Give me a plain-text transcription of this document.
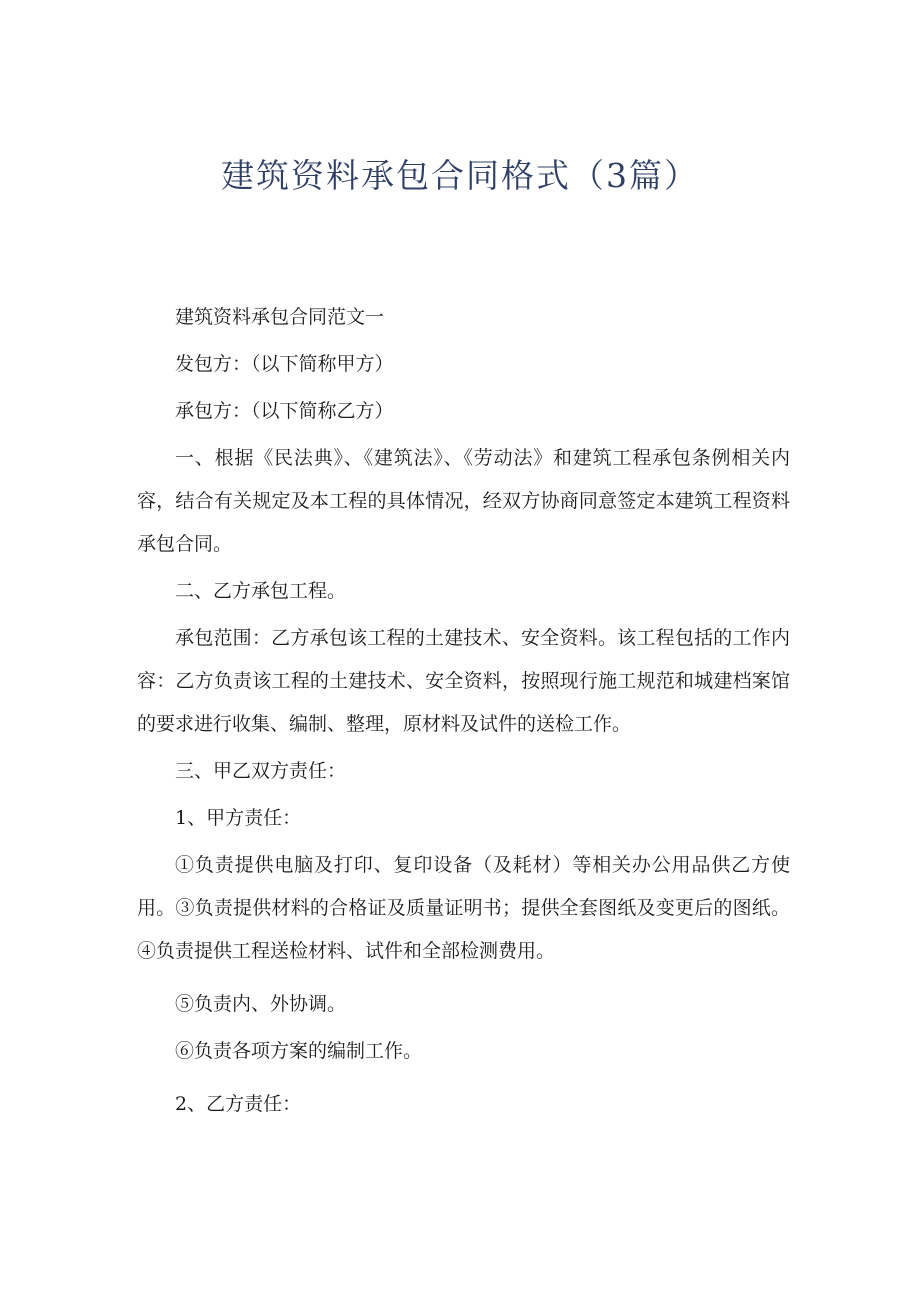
建筑资料承包合同格式（3篇）

建筑资料承包合同范文一

发包方：（以下简称甲方）

承包方：（以下简称乙方）

一、根据《民法典》、《建筑法》、《劳动法》和建筑工程承包条例相关内容，结合有关规定及本工程的具体情况，经双方协商同意签定本建筑工程资料承包合同。

二、乙方承包工程。

承包范围：乙方承包该工程的土建技术、安全资料。该工程包括的工作内容：乙方负责该工程的土建技术、安全资料，按照现行施工规范和城建档案馆的要求进行收集、编制、整理，原材料及试件的送检工作。

三、甲乙双方责任：

1、甲方责任：

①负责提供电脑及打印、复印设备（及耗材）等相关办公用品供乙方使用。③负责提供材料的合格证及质量证明书；提供全套图纸及变更后的图纸。④负责提供工程送检材料、试件和全部检测费用。

⑤负责内、外协调。

⑥负责各项方案的编制工作。

2、乙方责任：
